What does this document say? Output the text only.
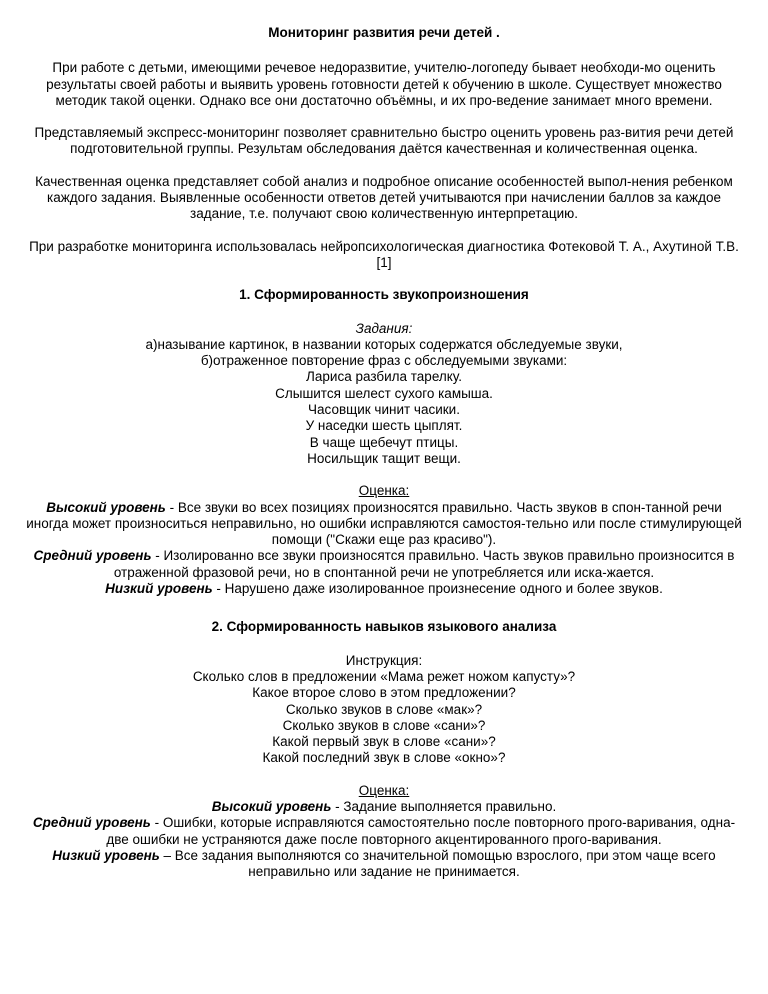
Мониторинг развития речи детей .

При работе с детьми, имеющими речевое недоразвитие, учителю-логопеду бывает необходи-мо оценить результаты своей работы и выявить уровень готовности детей к обучению в школе. Существует множество методик такой оценки. Однако все они достаточно объёмны, и их про-ведение занимает много времени.

Представляемый экспресс-мониторинг позволяет сравнительно быстро оценить уровень раз-вития речи детей подготовительной группы. Результам обследования даётся качественная и количественная оценка.

Качественная оценка представляет собой анализ и подробное описание особенностей выпол-нения ребенком каждого задания. Выявленные особенности ответов детей учитываются при начислении баллов за каждое задание, т.е. получают свою количественную интерпретацию.

При разработке мониторинга использовалась нейропсихологическая диагностика Фотековой Т. А., Ахутиной Т.В. [1]

1. Сформированность звукопроизношения

Задания:
а)называние картинок, в названии которых содержатся обследуемые звуки,
б)отраженное повторение фраз с обследуемыми звуками:
Лариса разбила тарелку.
Слышится шелест сухого камыша.
Часовщик чинит часики.
У наседки шесть цыплят.
В чаще щебечут птицы.
Носильщик тащит вещи.
Оценка:
Высокий уровень - Все звуки во всех позициях произносятся правильно. Часть звуков в спон-танной речи иногда может произноситься неправильно, но ошибки исправляются самостоя-тельно или после стимулирующей помощи ("Скажи еще раз красиво").
Средний уровень - Изолированно все звуки произносятся правильно. Часть звуков правильно произносится в отраженной фразовой речи, но в спонтанной речи не употребляется или иска-жается.
Низкий уровень - Нарушено даже изолированное произнесение одного и более звуков.

2. Сформированность навыков языкового анализа

Инструкция:
Сколько слов в предложении «Мама режет ножом капусту»?
Какое второе слово в этом предложении?
Сколько звуков в слове «мак»?
Сколько звуков в слове «сани»?
Какой первый звук в слове «сани»?
Какой последний звук в слове «окно»?
Оценка:
Высокий уровень - Задание выполняется правильно.
Средний уровень - Ошибки, которые исправляются самостоятельно после повторного прого-варивания, одна-две ошибки не устраняются даже после повторного акцентированного прого-варивания.
Низкий уровень – Все задания выполняются со значительной помощью взрослого, при этом чаще всего неправильно или задание не принимается.
